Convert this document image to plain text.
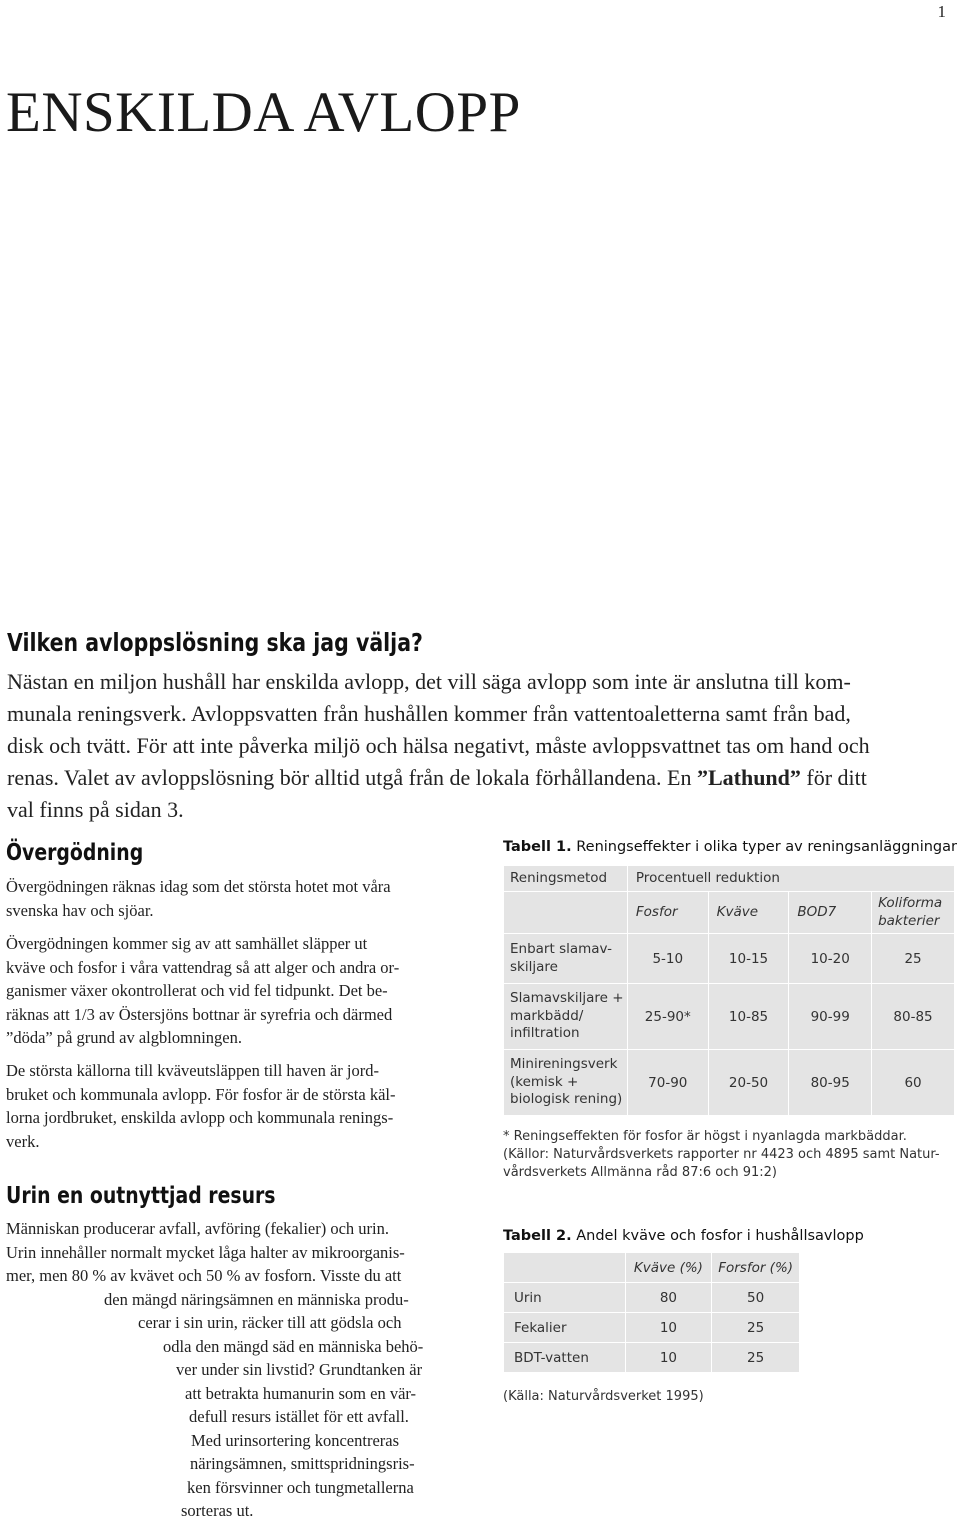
1
ENSKILDA AVLOPP
Vilken avloppslösning ska jag välja?
Nästan en miljon hushåll har enskilda avlopp, det vill säga avlopp som inte är anslutna till kom-
munala reningsverk. Avloppsvatten från hushållen kommer från vattentoaletterna samt från bad,
disk och tvätt. För att inte påverka miljö och hälsa negativt, måste avloppsvattnet tas om hand och
renas. Valet av avloppslösning bör alltid utgå från de lokala förhållandena. En ”Lathund” för ditt
val finns på sidan 3.
Övergödning
Övergödningen räknas idag som det största hotet mot våra
svenska hav och sjöar.
Övergödningen kommer sig av att samhället släpper ut
kväve och fosfor i våra vattendrag så att alger och andra or-
ganismer växer okontrollerat och vid fel tidpunkt. Det be-
räknas att 1/3 av Östersjöns bottnar är syrefria och därmed
”döda” på grund av algblomningen.
De största källorna till kväveutsläppen till haven är jord-
bruket och kommunala avlopp. För fosfor är de största käl-
lorna jordbruket, enskilda avlopp och kommunala renings-
verk.
Urin en outnyttjad resurs
Människan producerar avfall, avföring (fekalier) och urin.
Urin innehåller normalt mycket låga halter av mikroorganis-
mer, men 80 % av kvävet och 50 % av fosforn. Visste du att
den mängd näringsämnen en människa produ-
cerar i sin urin, räcker till att gödsla och
odla den mängd säd en människa behö-
ver under sin livstid? Grundtanken är
att betrakta humanurin som en vär-
defull resurs istället för ett avfall.
Med urinsortering koncentreras
näringsämnen, smittspridningsris-
ken försvinner och tungmetallerna
sorteras ut.
Tabell 1. Reningseffekter i olika typer av reningsanläggningar
Reningsmetod	Procentuell reduktion			
	Fosfor	Kväve	BOD7	Koliforma bakterier

Enbart slamav-
skiljare	5-10	10-15	10-20	25

Slamavskiljare +
markbädd/
infiltration	25-90*	10-85	90-99	80-85

Minireningsverk
(kemisk +
biologisk rening)	70-90	20-50	80-95	60
* Reningseffekten för fosfor är högst i nyanlagda markbäddar.
(Källor: Naturvårdsverkets rapporter nr 4423 och 4895 samt Natur-
vårdsverkets Allmänna råd 87:6 och 91:2)
Tabell 2. Andel kväve och fosfor i hushållsavlopp
	Kväve (%)	Forsfor (%)
Urin	80	50
Fekalier	10	25
BDT-vatten	10	25
(Källa: Naturvårdsverket 1995)
